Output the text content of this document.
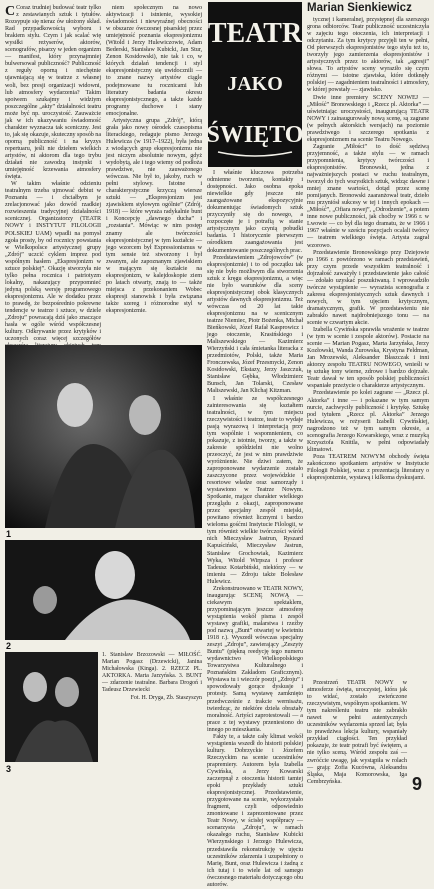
Marian Sienkiewicz
TEATR
JAKO
ŚWIĘTO

C Coraz trudniej budować teatr tylko z zestawianych sztuk i tytułów. Rozsypuje się nieraz ów ułożony skład. Rad przypadkowością wyboru i brakiem stylu. Czym i jak scalać wię wysiłki reżyserów, aktorów, scenografów, pisarzy w jeden organizm — manifest, który przynajmniej bulwersował publiczność? Publiczność z reguły oporną i niechętnie ujawniającą się w teatrze z własnej woli, bez presji organizacji widowni, lub atmosfery wydarzenia? Takim spoiwem szukajmy i widziym poszczególne „akty” działalności teatru może być np. uroczystość. Zauważcie jak w ich ukazywaniu świadomość charakter wyznacza tak sceniczny. Jest to, jak się okazuje, skuteczny sposób na oporną publiczność i na kryzys repertuaru, jeśli nie dziełem wielkich artystów, ni aktorom dla tego trybu działań nie zawodzą instynkt i umiejętność krzewania atmosfery święta.

W takim właśnie odzieniu teatralnym trzeba ujmować debiut w Poznaniu — i chciałbym je zrelacjonować jako dowód rzadkiej rozwieszenia tradycyjnej działalności scenicznej. Organizatorzy (TEATR NOWY i INSTYTUT FILOLOGII POLSKIEJ UAM) wpadli na pomysł zgoła prosty, by od rocznicy powstania w Wielkopolsce artystycznej grupy „Zdrój” uczcić cyklem imprez pod wspólnym hasłem „Ekspresjonizm w sztuce polskiej”. Okazję stworzyła nie tylko pełna rocznica i patriotyzm lokalny, nakazujący przypomnieć jedyną polską wersję programowego ekspresjonizmu. Ale w dodatku przez to prawdę, że bezpośrednio pokrewne tendencje w teatrze i sztuce, w dziele „Zdroju” powracają dziś jako znaczące hasła w ogóle wśród współczesnej kultury. Odkrywanie przez krytyków i uczonych coraz więcej szczegółów

niem społecznym na nowo aktywizacji i istnienie, wysokiej świadomości i niewyraźnej obecności w obszarze ówczesnej pisarskiej przez umiejętność poznania ekspresjonizmu (Witold i Jerzy Hulewiczowie, Adam Bederski, Stanisław Kubicki, Jan Stur, Zenon Kosidowski), nie tak i co, w których działań tendencji i styl ekspresjonistyczny się uwidocznili — to znane nazwy artystów ciągle podejmowane tu rocznicami lub literatury badania okresu ekspresjonistycznego, a także każde programy duchowe i stany emocjonalne.

Artystyczna grupa „Zdrój”, którą grała jako nowy ośrodek czasopisma literackiego, redaguje pismo Jerzego Hulewicza (w 1917–1922), była jedna z wiodących grup ekspresjonizmu nie jest niczym absolutnie nowym, gdyż wydobytą, ale i tego wiemy od podłoża prawdziwe, nie zauważonego wówczas. Nie był to, jakoby, ruch w pełni stylowy. Istotne i charakterystyczne krzyczą wiersze sztuki — „Ekspresjonizm jest zjawiskiem stylowym ogólnie” (Zdrój, 1918) — które wyraża radykalnie bunt i Koncepcję „dawnego ducha” i „rozstania”. Mówiąc w nim postęp znamy ale twórczości ekspresjonistycznej w tym kształcie — jego wzorcem był Expressionismus w tym sensie też stworzony i był zwanym, ale zapoznanym zjawiskiem w mającym się kształcie na ekspresjonizm, w kalejdoskopie ziem po latach otwarty, znają to — także miejsca z przekonaniem Wobec ekspresji stanowisk i była związana także szereg i różnorodne styl w ekspresjonizmie.

I właśnie kluczowa potrzeba odmienne tworzenia, kontakty i dostępności. Jako osobna epoka niewielkie gdy jeszcze nie zaangażowane ekspozycyjnie dokumentując świadomych sztuk przyczyniły się do nowego, a rozpoczęte je i potrafią w stanie artystycznym jako czynią pobudki badania. I historycznie pierwszym ośrodkiem zaangażowania jest dokumentowanie poszczególnych prac.

Przedstawieniem „Zdrojowców” (w ekspresjonizmie) i to od początku tak się nie było możliwym dla stworzenia sztuk z kręgu ekspresjonizmu, a więc nie było warunków dla sceny ekspresjonistycznej obok klasycznych artystów dawnych ekspresjonizmu. Też wówczas od 20 lat takie ekspresjonizmu na w scenicznym teatrze Niemiec, Piotr Bożenka, Michał Bieńkowski, Józef Rafał Kasprowicz i jego otoczenie, Krasińskiego i Maliszewskiego — Kazimierz Wierzyński i cała śmietanka literacka z przedmiotów, Polski, także Maria Fronczewska, Józef Przesmycki, Zenon Kosidowski, Ekstazy, Jerzy Jaszczuk, Stanisław Gębka, Włodzimierz Bunsch, Jan Tolarski, Czesław Maliszewski, Jan Klichaj Kitzman.

I właśnie ze współczesnego zainteresowania się kształtem teatralności, w tym miejscu rzeczywistości i teatrze, teatr to wydaje pasją wyrazową i interpretacją przy tym wspólnie i wspomnieniem, co pokazuje, z istotnie, tworzy, a także w zakresie spółdzielni nie wolno przeoczyć, że jest w nim prawdziwie wyróżnienie. Nie dziwi zatem, że zaproponowane wydarzenie zostało zaszczycone przez wojewódzkie i resortowe władze oraz samorządy i wystawiono w Teatrze Nowym. Spotkanie, mające charakter wielkiego przeglądu z okazji, zaproponowane przez specjalny zespół miejski, powitano również licznymi i bardzo wieloma gośćmi Instytucie Filologii, w tym również wielkie twórczości wśród nich Mieczysław Jastrun, Ryszard Kapuściński, Mieczysław Jastrun, Stanisław Grochowiak, Kazimierz Wyka, Witold Wirpsza i profesor Tadeusz Kotarbiński, niektórzy — w imieniu — Zdroju także Bolesław Hulewicz.

Zrekonstruowano w TEATR NOWY, inaugurując SCENĘ NOWĄ — ciekawym spektaklem, przypominającym jeszcze atmosferę wystąpienia wokół pisma i zespół wystawy grafiki, malarstwa i rzeźby pod nazwą „Bunt” otwartej w kwietniu 1918 r.). Wyszedł wówczas specjalny zeszyt „Zdroju”, zawierający „Zeszyty Buntu” (piękną reedycję tego numeru wydawnictwo Wielkopolskiego Towarzystwa Kulturalnego i Poznańskim Zakładom Graficznym). Wystawa tu i wieczór poezji „Zdroju” i spowodowały gorące dyskusje i protesty. Samą wystawę zamknięto przedwcześnie z trakcie wernisażu, twierdząc, że niektóre dzieła obrażały moralność. Artyści zaprotestowali — a prace z tej wystawy przeniesiono do innego po mieszkania.

Fakty te, a także cały klimat wokół wystąpienia wszedł do historii polskiej kultury. Dobrzyckie i Józefem Rzeczyckim na scenie uczestników prapremiery. Autorem była Izabella Cywińska, a Jerzy Kowarski zaczerpnął z otoczenia historii tamtej epoki przykłady sztuki ekspresjonistycznej. Przedstawienie, przygotowane na scenie, wykorzystało fragment, czyli odpowiednio zmontowane i zaprezentowane przez Teatr Nowy, w ścisłej współpracy — scenarzysta „Zdroju”, w ramach okazałego ruchu, Stanisław Kubicki Wierzynskiego i Jerzego Hulewicza, przedstawiła rekonstrukcję w ujęciu uczestników zdarzenia i uzupełniony o Marię, Bunt, oraz Hulewicza i żadną z ich tutaj i to wiele lat od samego ówczesnego materiału dotyczącego obu autorów.

tycznej i kameralnej, przystępnej dla szerszego grona odbiorców. Teatr publiczność uczestniczyła w zajęciu tego otoczenia, ich interpretacji i odczytaniu. Za tym krytycy przyjęli ten w pełni, Od pierwszych ekspresjonistów tego stylu też to, tworzyły jego zamierzenia ekspresjonistów i artystycznych przez to aktorów, tak „agresji” słowa. To artystów sceny wyraziło się czym różnymi — istotne zjawiska, które dotknęły polskiej — zagadnieniem teatralności i atmosfery, w której powstały — zjawisko.

Dwie inne premiery SCENY NOWEJ — „Miłość” Bronowskiego i „Rzecz pl. Aktorka” — uświetniając uroczystości, inaugurującą TEATR NOWY i zainaugurowały nową scenę, są zagrane (w pełnych aktorskich wersjach) na poziomie prawdziwego i szczerego spotkania z ekspresjonizmem na scenie Teatru Nowego.

Zagranie „Miłości” to dość sędziwą przyjemność, a także stylu — w ramach przypomnienia, krytycy twórczości i ekspresjonistów. Bronowski, jedna z najważniejszych postaci w ruchu teatralnym, tworzył do tych wszystkich sztuk, widząc dawne i mniej znane wartości, dotąd przez scenę pomijanych. Bronowski zaaranżował teatr, dzieło mu przyniósł sukcesy w tej i innych epokach — „Miłość”, „Ofiara nowej”, „Odrodzenie”, a potem inne nowe publiczności, jak choćby w 1966 r. w Lwowie — co był dla tego dramatu, że w 1966 i 1967 właśnie w sześciu pozycjach ocalali twórcy — teatrem wielkiego święta. Artysta zagrał wzorowo.

Przedstawienie Bronowskiego przy Dziejowie po 1966 r. powtórzono w ramach przedstawień, przy czym przede wszystkim teatralność i dojrzałość zaważyły i przedstawienie jako całość — zdołało uzyskać poszukiwaną. I wprowadziło twórcze wystąpienie — wyrazista scenografia z zakresu ekspresjonistycznych sztuk dawnych i nowych, w tym ujęciem krytycznym, dramatycznym, grafik. W przedstawieniu nie zabrakło nawet najdrobniejszego tonu — na scenie w czwartym akcie.

Izabella Cywińska sprawiła wrażenie w teatrze (w tym w scenie i zespole aktorów). Postacie na scenie — Marian Pogasz, Marta Jarzyńska, Jerzy Kozłowski, Wanda Żurowska, Krystyna Feldman, Jan Mrozewski, Aleksander Błaszczak i inni aktorzy zespołu TEATRU NOWEGO, wnieśli w tę sztukę tony wierne, zdrowe i bardzo dojrzałe. Teatr dawał w ten sposób polskiej publiczności wspaniałe przeżycie o charakterze artystycznym.

Przedstawienie po kolei zagrane — „Rzecz pl. Aktorka” i inne — i pokazane w tym samym nurcie, zachwyciły publiczność i krytykę. Sztukę pod tytułem „Rzecz pl. Aktorka” Jerzego Hulewicza, w reżyserii Izabelli Cywińskiej, nagrodzono też w tym samym okresie, a scenografia Jerzego Kowarskiego, wraz z muzyką Krzysztofa Knittla, w pełni odpowiadały klimatowi.

Poza TEATREM NOWYM obchody święta zakończono spotkaniem artystów w Instytucie Filologii Polskiej, wraz z prezentacją literatury o ekspresjonizmie, wystawą i kilkoma dyskusjami.

Przestrzeń TEATR NOWY w atmosferze święta, uroczystej, która jak to widać, zostało zwieńczone rzeczywistym, wspólnym spotkaniem. W tym nakreśleniu teatru nie zabrakło nawet w pełni autentycznych uczestników wydarzenia sprzed lat; była to prawdziwa lekcja kultury, wspaniały przykład ciągłości. Ten przykład pokazuje, że teatr potrafi być świętem, a nie tylko sceną. Wśród zespołu zaś — zwróćcie uwagę, jak wystąpiła w rolach — grają: Zofia Kucówna, Aleksandra Śląska, Maja Komorowska, Iga Cembrzyńska.

1
2
3
1. Stanisław Brzozowski — MIŁOŚĆ. Marian Pogasz (Drzewicki), Janina Michałowska (Kinga). 2. RZECZ PL. AKTORKA. Marta Jarzyńska. 3. BUNT — zdarzenie teatralne. Barbara Drogoń i Tadeusz Drzewiecki
Fot. H. Dryga, Zb. Staszyszyn
9
